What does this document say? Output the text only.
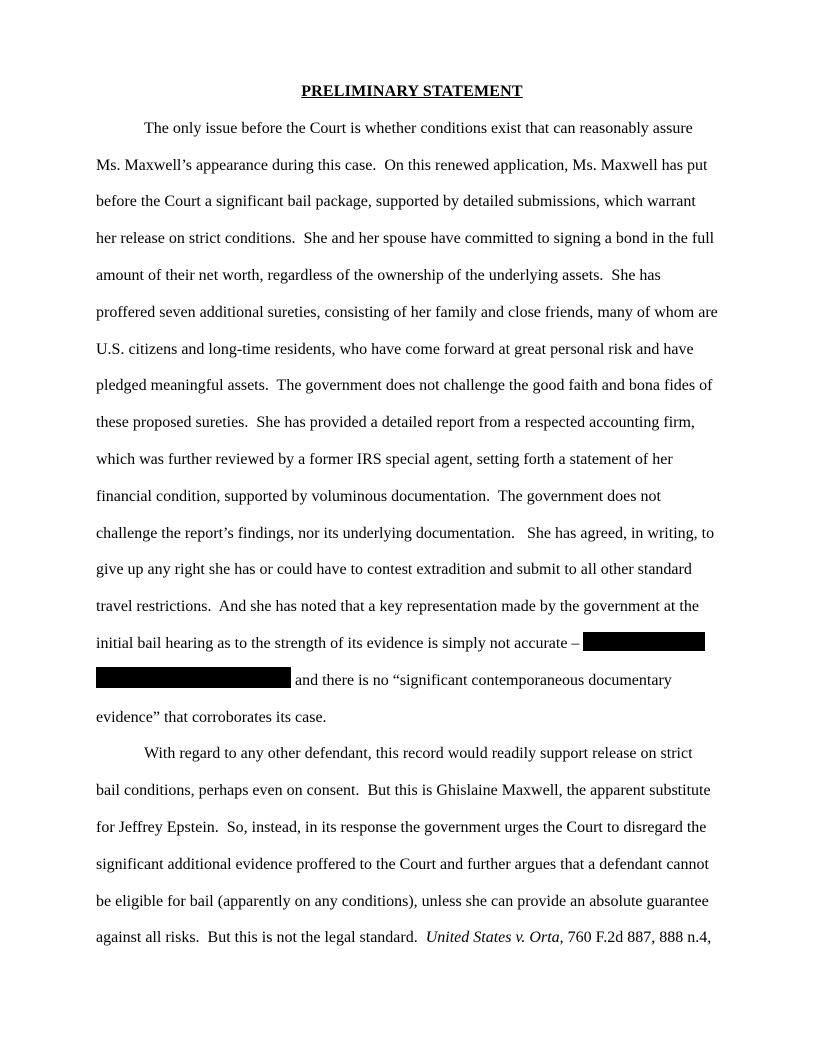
PRELIMINARY STATEMENT
The only issue before the Court is whether conditions exist that can reasonably assure
Ms. Maxwell’s appearance during this case.  On this renewed application, Ms. Maxwell has put
before the Court a significant bail package, supported by detailed submissions, which warrant
her release on strict conditions.  She and her spouse have committed to signing a bond in the full
amount of their net worth, regardless of the ownership of the underlying assets.  She has
proffered seven additional sureties, consisting of her family and close friends, many of whom are
U.S. citizens and long-time residents, who have come forward at great personal risk and have
pledged meaningful assets.  The government does not challenge the good faith and bona fides of
these proposed sureties.  She has provided a detailed report from a respected accounting firm,
which was further reviewed by a former IRS special agent, setting forth a statement of her
financial condition, supported by voluminous documentation.  The government does not
challenge the report’s findings, nor its underlying documentation.   She has agreed, in writing, to
give up any right she has or could have to contest extradition and submit to all other standard
travel restrictions.  And she has noted that a key representation made by the government at the
initial bail hearing as to the strength of its evidence is simply not accurate –
and there is no “significant contemporaneous documentary
evidence” that corroborates its case.
With regard to any other defendant, this record would readily support release on strict
bail conditions, perhaps even on consent.  But this is Ghislaine Maxwell, the apparent substitute
for Jeffrey Epstein.  So, instead, in its response the government urges the Court to disregard the
significant additional evidence proffered to the Court and further argues that a defendant cannot
be eligible for bail (apparently on any conditions), unless she can provide an absolute guarantee
against all risks.  But this is not the legal standard.  United States v. Orta, 760 F.2d 887, 888 n.4,
